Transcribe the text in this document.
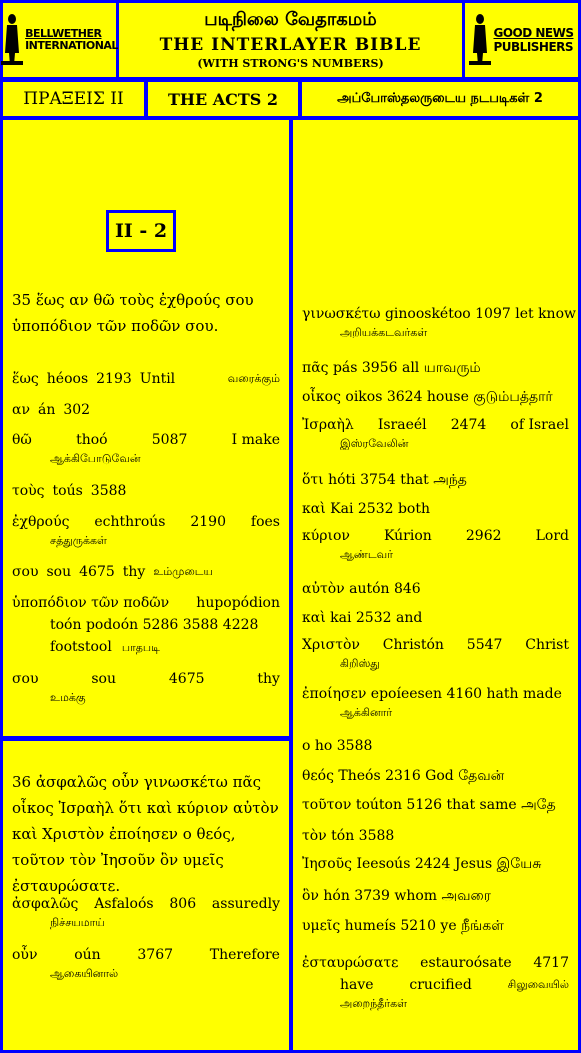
BELLWETHER
INTERNATIONAL
படிநிலை வேதாகமம்
THE INTERLAYER BIBLE
(WITH STRONG'S NUMBERS)
GOOD NEWS
PUBLISHERS
ΠΡΑΞΕΙΣ II	THE ACTS 2	அப்போஸ்தலருடைய நடபடிகள் 2
II - 2
35 ἕως αν θῶ τοὺς ἐχθρούς σου ὑποπόδιον τῶν ποδῶν σου.
ἕως héoos 2193 Until	வரைக்கும்
αν án 302
θῶ	thoó	5087	I make
ஆக்கிபோடுவேன்
τοὺς toús 3588
ἐχθρούς echthroús 2190 foes
சத்துருக்கள்
σου sou 4675 thy உம்முடைய
ὑποπόδιον τῶν ποδῶν hupopódion
toón podoón 5286 3588 4228
footstool பாதபடி
σου	sou	4675	thy
உமக்கு
36 ἀσφαλῶς οὖν γινωσκέτω πᾶς οἶκος Ἰσραὴλ ὅτι καὶ κύριον αὐτὸν καὶ Χριστὸν ἐποίησεν ο θεός, τοῦτον τὸν Ἰησοῦν ὃν υμεῖς ἐσταυρώσατε.
ἀσφαλῶς Asfaloós 806 assuredly
நிச்சயமாய்
οὖν	oún	3767	Therefore
ஆகையினால்
γινωσκέτω ginooskétoo 1097 let know
அறியக்கடவர்கள்
πᾶς pás 3956 all யாவரும்
οἶκος oikos 3624 house குடும்பத்தார்
Ἰσραὴλ Israeél 2474 of Israel
இஸ்ரவேலின்
ὅτι hóti 3754 that அந்த
καὶ Kai 2532 both
κύριον Kúrion 2962 Lord
ஆண்டவர்
αὐτὸν autón 846
καὶ kai 2532 and
Χριστὸν Christón 5547 Christ
கிறிஸ்து
ἐποίησεν epoíeesen 4160 hath made
ஆக்கினார்
ο ho 3588
θεός Theós 2316 God தேவன்
τοῦτον toúton 5126 that same அதே
τὸν tón 3588
Ἰησοῦς Ieesoús 2424 Jesus இயேசு
ὃν hón 3739 whom அவரை
υμεῖς humeís 5210 ye நீங்கள்
ἐσταυρώσατε estauroósate 4717
have	crucified	சிலுவையில்
அறைந்தீர்கள்
